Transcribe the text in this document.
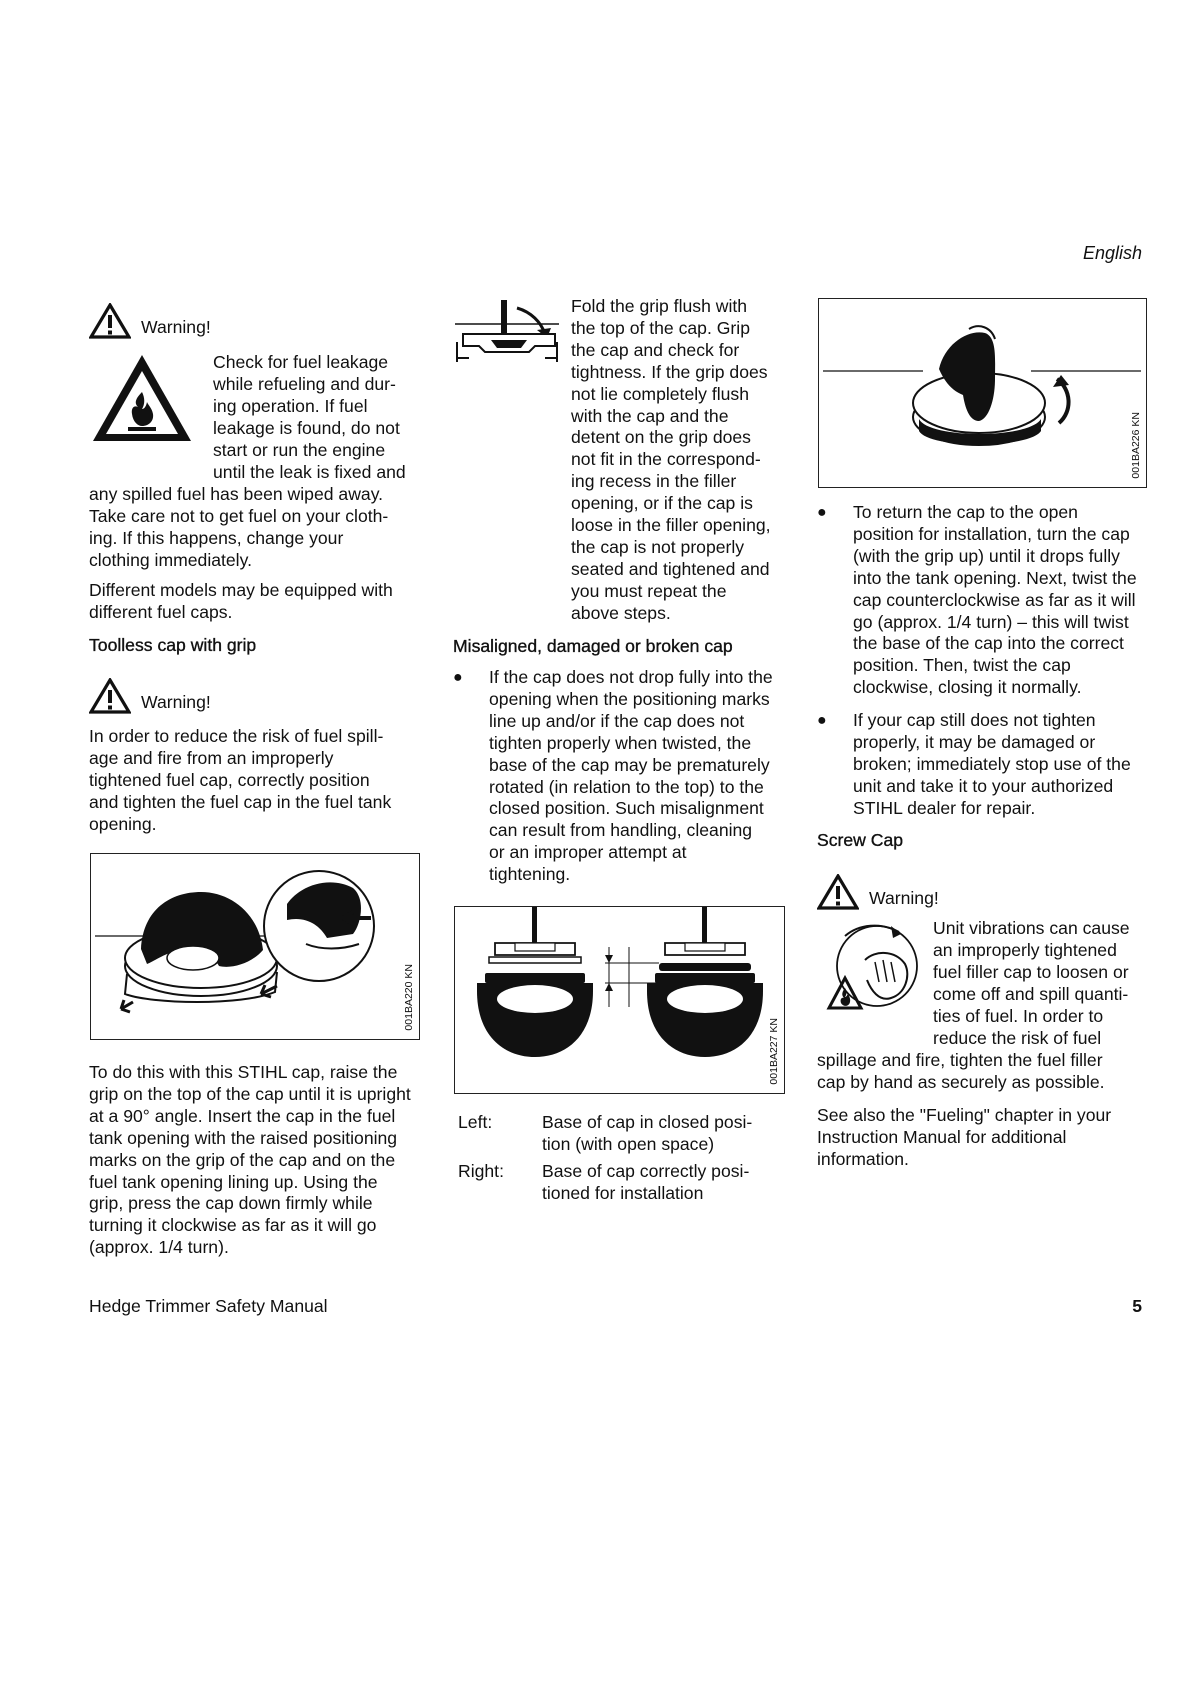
English
Warning!

Check for fuel leakage

while refueling and dur-

ing operation. If fuel

leakage is found, do not

start or run the engine

until the leak is fixed and

any spilled fuel has been wiped away.

Take care not to get fuel on your cloth-

ing. If this happens, change your

clothing immediately.

Different models may be equipped with

different fuel caps.

Toolless cap with grip
Warning!

In order to reduce the risk of fuel spill-

age and fire from an improperly

tightened fuel cap, correctly position

and tighten the fuel cap in the fuel tank

opening.

001BA220 KN

To do this with this STIHL cap, raise the

grip on the top of the cap until it is upright

at a 90° angle. Insert the cap in the fuel

tank opening with the raised positioning

marks on the grip of the cap and on the

fuel tank opening lining up. Using the

grip, press the cap down firmly while

turning it clockwise as far as it will go

(approx. 1/4 turn).

Fold the grip flush with

the top of the cap. Grip

the cap and check for

tightness. If the grip does

not lie completely flush

with the cap and the

detent on the grip does

not fit in the correspond-

ing recess in the filler

opening, or if the cap is

loose in the filler opening,

the cap is not properly

seated and tightened and

you must repeat the

above steps.

Misaligned, damaged or broken cap
●	If the cap does not drop fully into the

opening when the positioning marks

line up and/or if the cap does not

tighten properly when twisted, the

base of the cap may be prematurely

rotated (in relation to the top) to the

closed position. Such misalignment

can result from handling, cleaning

or an improper attempt at

tightening.

001BA227 KN
Left:	Base of cap in closed posi-

tion (with open space)

Right:	Base of cap correctly posi-

tioned for installation

001BA226 KN
●	To return the cap to the open

position for installation, turn the cap

(with the grip up) until it drops fully

into the tank opening. Next, twist the

cap counterclockwise as far as it will

go (approx. 1/4 turn) – this will twist

the base of the cap into the correct

position. Then, twist the cap

clockwise, closing it normally.

●	If your cap still does not tighten

properly, it may be damaged or

broken; immediately stop use of the

unit and take it to your authorized

STIHL dealer for repair.

Screw Cap
Warning!

Unit vibrations can cause

an improperly tightened

fuel filler cap to loosen or

come off and spill quanti-

ties of fuel. In order to

reduce the risk of fuel

spillage and fire, tighten the fuel filler

cap by hand as securely as possible.

See also the "Fueling" chapter in your

Instruction Manual for additional

information.

Hedge Trimmer Safety Manual	5
